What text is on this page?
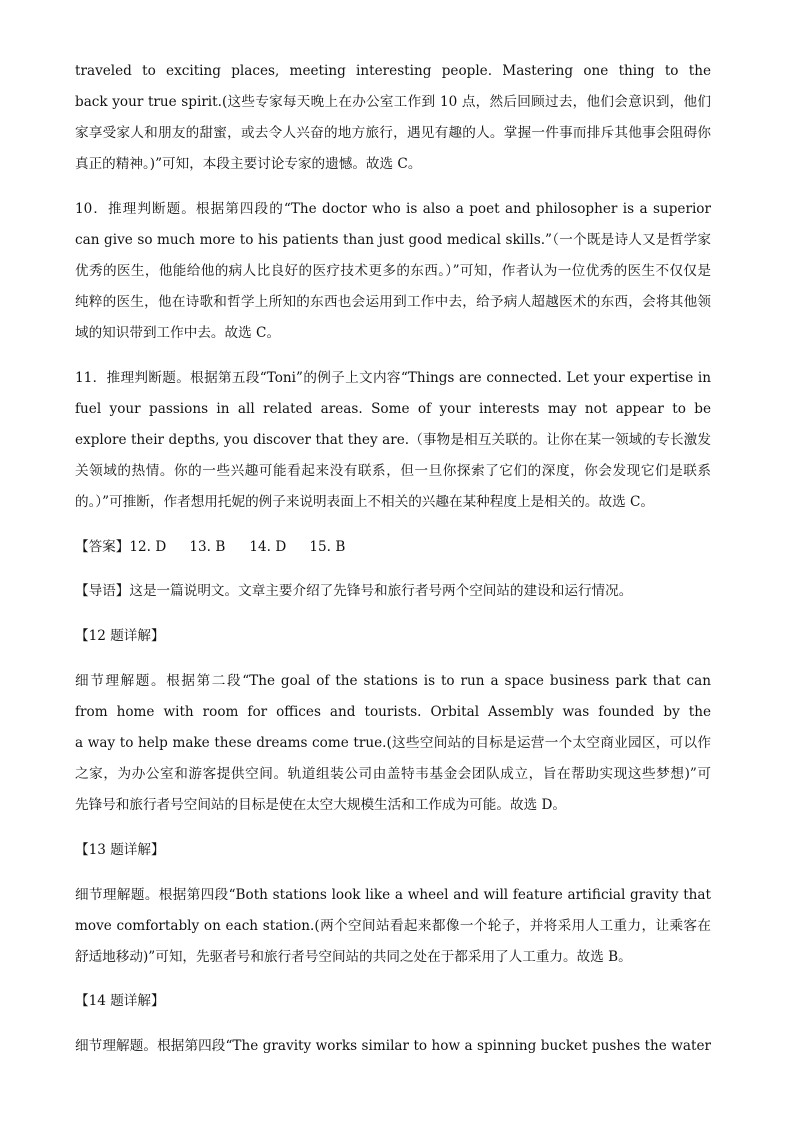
traveled to exciting places, meeting interesting people. Mastering one thing to the
back your true spirit.(这些专家每天晚上在办公室工作到 10 点，然后回顾过去，他们会意识到，他们
家享受家人和朋友的甜蜜，或去令人兴奋的地方旅行，遇见有趣的人。掌握一件事而排斥其他事会阻碍你
真正的精神。)”可知，本段主要讨论专家的遗憾。故选 C。
10．推理判断题。根据第四段的“The doctor who is also a poet and philosopher is a superior
can give so much more to his patients than just good medical skills.”（一个既是诗人又是哲学家
优秀的医生，他能给他的病人比良好的医疗技术更多的东西。）”可知，作者认为一位优秀的医生不仅仅是
纯粹的医生，他在诗歌和哲学上所知的东西也会运用到工作中去，给予病人超越医术的东西，会将其他领
域的知识带到工作中去。故选 C。
11．推理判断题。根据第五段“Toni”的例子上文内容“Things are connected. Let your expertise in
fuel your passions in all related areas. Some of your interests may not appear to be
explore their depths, you discover that they are.（事物是相互关联的。让你在某一领域的专长激发
关领域的热情。你的一些兴趣可能看起来没有联系，但一旦你探索了它们的深度，你会发现它们是联系
的。）”可推断，作者想用托妮的例子来说明表面上不相关的兴趣在某种程度上是相关的。故选 C。
【答案】12. D 13. B 14. D 15. B
【导语】这是一篇说明文。文章主要介绍了先锋号和旅行者号两个空间站的建设和运行情况。
【12 题详解】
细节理解题。根据第二段“The goal of the stations is to run a space business park that can
from home with room for offices and tourists. Orbital Assembly was founded by the
a way to help make these dreams come true.(这些空间站的目标是运营一个太空商业园区，可以作
之家，为办公室和游客提供空间。轨道组装公司由盖特韦基金会团队成立，旨在帮助实现这些梦想)”可
先锋号和旅行者号空间站的目标是使在太空大规模生活和工作成为可能。故选 D。
【13 题详解】
细节理解题。根据第四段“Both stations look like a wheel and will feature artificial gravity that
move comfortably on each station.(两个空间站看起来都像一个轮子，并将采用人工重力，让乘客在
舒适地移动)”可知，先驱者号和旅行者号空间站的共同之处在于都采用了人工重力。故选 B。
【14 题详解】
细节理解题。根据第四段“The gravity works similar to how a spinning bucket pushes the water
